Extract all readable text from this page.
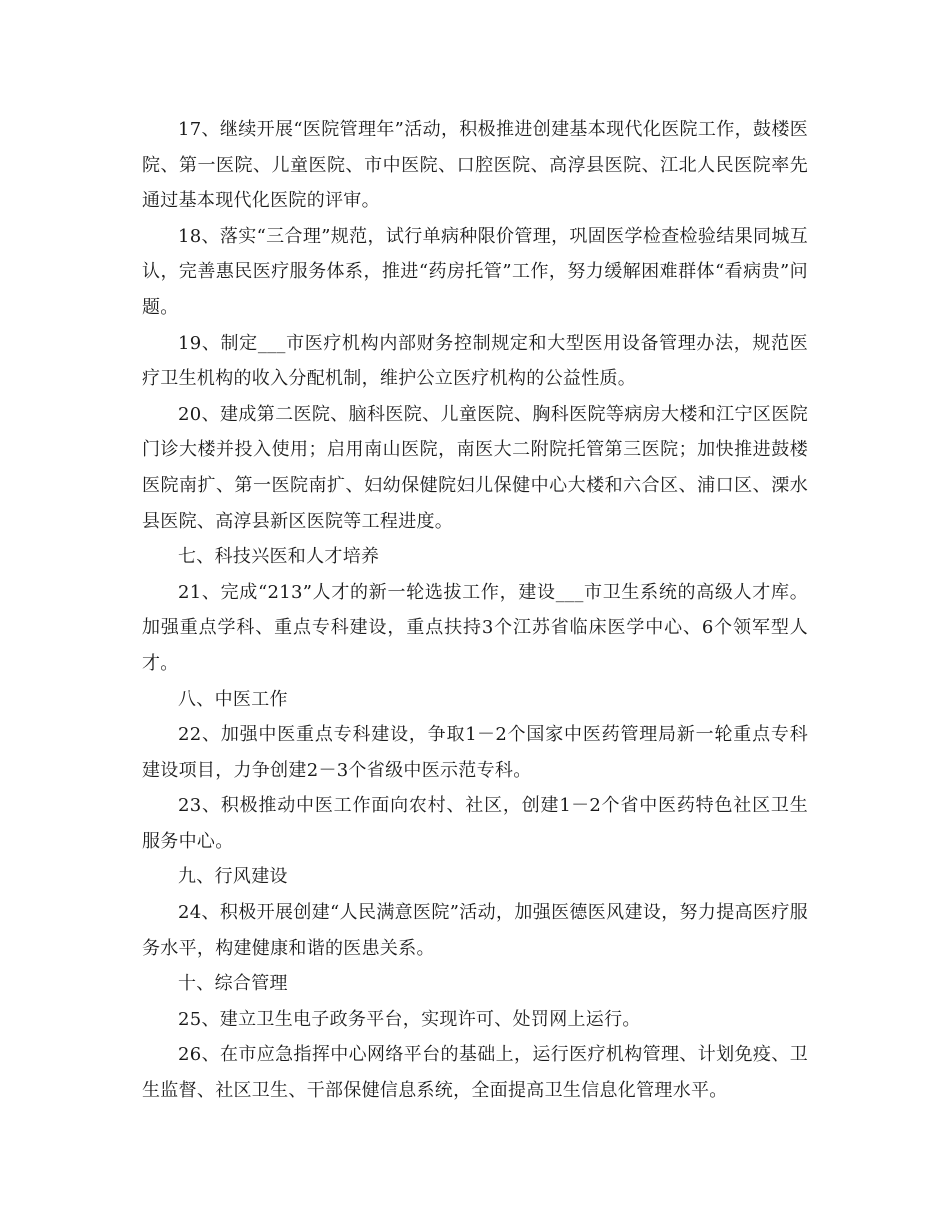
17、继续开展“医院管理年”活动，积极推进创建基本现代化医院工作，鼓楼医院、第一医院、儿童医院、市中医院、口腔医院、高淳县医院、江北人民医院率先通过基本现代化医院的评审。

18、落实“三合理”规范，试行单病种限价管理，巩固医学检查检验结果同城互认，完善惠民医疗服务体系，推进“药房托管”工作，努力缓解困难群体“看病贵”问题。

19、制定___市医疗机构内部财务控制规定和大型医用设备管理办法，规范医疗卫生机构的收入分配机制，维护公立医疗机构的公益性质。

20、建成第二医院、脑科医院、儿童医院、胸科医院等病房大楼和江宁区医院门诊大楼并投入使用；启用南山医院，南医大二附院托管第三医院；加快推进鼓楼医院南扩、第一医院南扩、妇幼保健院妇儿保健中心大楼和六合区、浦口区、溧水县医院、高淳县新区医院等工程进度。

七、科技兴医和人才培养

21、完成“213”人才的新一轮选拔工作，建设___市卫生系统的高级人才库。加强重点学科、重点专科建设，重点扶持3个江苏省临床医学中心、6个领军型人才。

八、中医工作

22、加强中医重点专科建设，争取1－2个国家中医药管理局新一轮重点专科建设项目，力争创建2－3个省级中医示范专科。

23、积极推动中医工作面向农村、社区，创建1－2个省中医药特色社区卫生服务中心。

九、行风建设

24、积极开展创建“人民满意医院”活动，加强医德医风建设，努力提高医疗服务水平，构建健康和谐的医患关系。

十、综合管理

25、建立卫生电子政务平台，实现许可、处罚网上运行。

26、在市应急指挥中心网络平台的基础上，运行医疗机构管理、计划免疫、卫生监督、社区卫生、干部保健信息系统，全面提高卫生信息化管理水平。
